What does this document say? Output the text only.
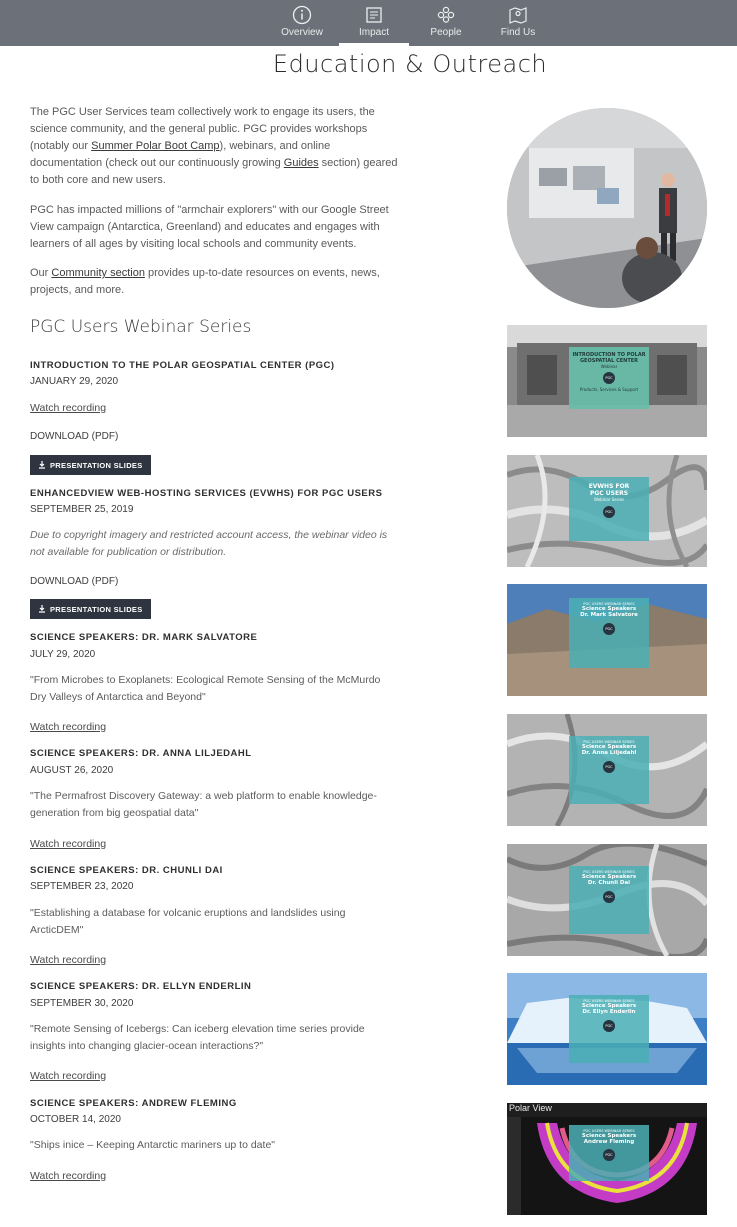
Overview	Impact	People	Find Us
Education & Outreach

The PGC User Services team collectively work to engage its users, the science community, and the general public. PGC provides workshops (notably our Summer Polar Boot Camp), webinars, and online documentation (check out our continuously growing Guides section) geared to both core and new users.

PGC has impacted millions of "armchair explorers" with our Google Street View campaign (Antarctica, Greenland) and educates and engages with learners of all ages by visiting local schools and community events.

Our Community section provides up-to-date resources on events, news, projects, and more.

PGC Users Webinar Series
INTRODUCTION TO THE POLAR GEOSPATIAL CENTER (PGC)
JANUARY 29, 2020
Watch recording
DOWNLOAD (PDF)
PRESENTATION SLIDES
ENHANCEDVIEW WEB-HOSTING SERVICES (EVWHS) FOR PGC USERS
SEPTEMBER 25, 2019
Due to copyright imagery and restricted account access, the webinar video is not available for publication or distribution.
DOWNLOAD (PDF)
PRESENTATION SLIDES
SCIENCE SPEAKERS: DR. MARK SALVATORE
JULY 29, 2020
"From Microbes to Exoplanets: Ecological Remote Sensing of the McMurdo Dry Valleys of Antarctica and Beyond"
Watch recording
SCIENCE SPEAKERS: DR. ANNA LILJEDAHL
AUGUST 26, 2020
"The Permafrost Discovery Gateway: a web platform to enable knowledge-generation from big geospatial data"
Watch recording
SCIENCE SPEAKERS: DR. CHUNLI DAI
SEPTEMBER 23, 2020
"Establishing a database for volcanic eruptions and landslides using ArcticDEM"
Watch recording
SCIENCE SPEAKERS: DR. ELLYN ENDERLIN
SEPTEMBER 30, 2020
"Remote Sensing of Icebergs: Can iceberg elevation time series provide insights into changing glacier-ocean interactions?"
Watch recording
SCIENCE SPEAKERS: ANDREW FLEMING
OCTOBER 14, 2020
"Ships inice – Keeping Antarctic mariners up to date"
Watch recording
INTRODUCTION TO POLAR
GEOSPATIAL CENTER
Webinar
PGC
Products, Services & Support
EVWHS FOR
PGC USERS
Webinar Series
PGC
PGC USERS WEBINAR SERIES
Science Speakers
Dr. Mark Salvatore
PGC
PGC USERS WEBINAR SERIES
Science Speakers
Dr. Anna Liljedahl
PGC
PGC USERS WEBINAR SERIES
Science Speakers
Dr. Chunli Dai
PGC
PGC USERS WEBINAR SERIES
Science Speakers
Dr. Ellyn Enderlin
PGC
Polar View
PGC USERS WEBINAR SERIES
Science Speakers
Andrew Fleming
PGC
